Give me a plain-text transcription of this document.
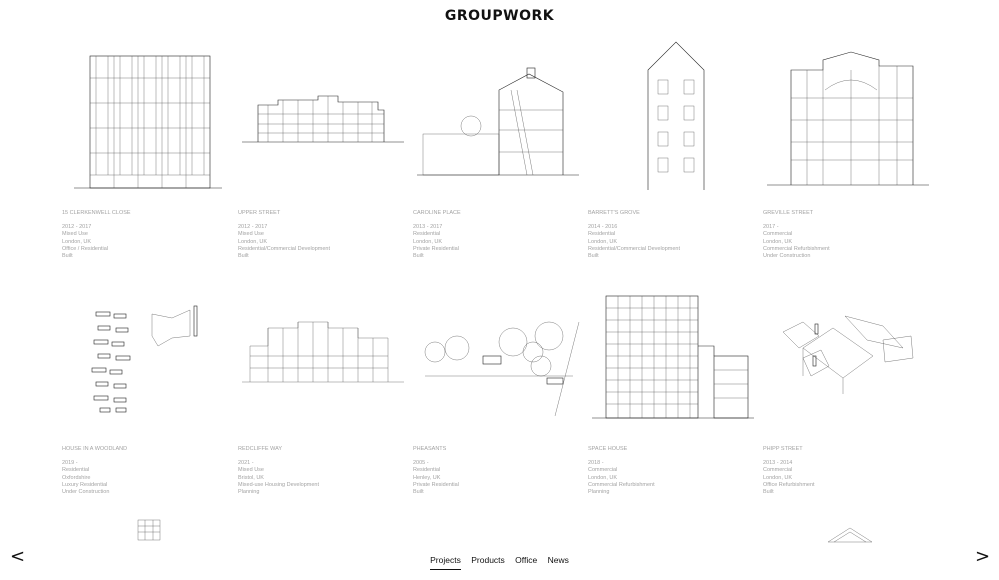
GROUPWORK
15 CLERKENWELL CLOSE
2012 - 2017
Mixed Use
London, UK
Office / Residential
Built
UPPER STREET
2012 - 2017
Mixed Use
London, UK
Residential/Commercial Development
Built
CAROLINE PLACE
2013 - 2017
Residential
London, UK
Private Residential
Built
BARRETT'S GROVE
2014 - 2016
Residential
London, UK
Residential/Commercial Development
Built
GREVILLE STREET
2017 -
Commercial
London, UK
Commercial Refurbishment
Under Construction
HOUSE IN A WOODLAND
2019 -
Residential
Oxfordshire
Luxury Residential
Under Construction
REDCLIFFE WAY
2021 -
Mixed Use
Bristol, UK
Mixed-use Housing Development
Planning
PHEASANTS
2005 -
Residential
Henley, UK
Private Residential
Built
SPACE HOUSE
2018 -
Commercial
London, UK
Commercial Refurbishment
Planning
PHIPP STREET
2013 - 2014
Commercial
London, UK
Office Refurbishment
Built
<	>
Projects Products Office News
